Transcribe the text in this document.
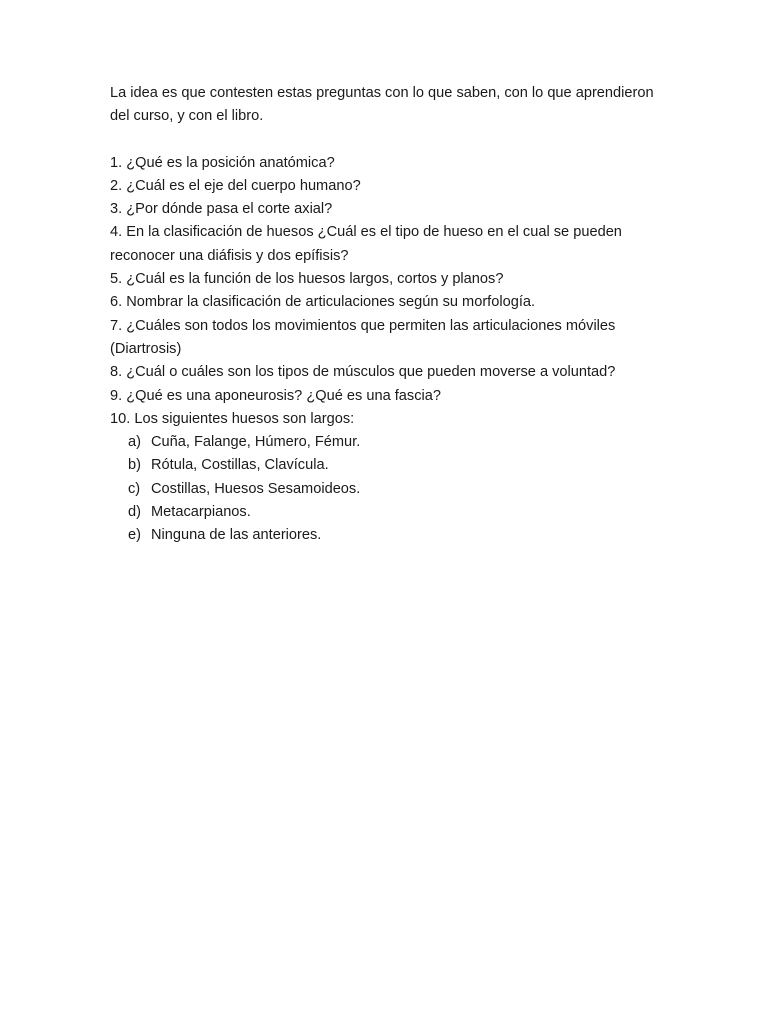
La idea es que contesten estas preguntas con lo que saben, con lo que aprendieron
del curso, y con el libro.
1. ¿Qué es la posición anatómica?
2. ¿Cuál es el eje del cuerpo humano?
3. ¿Por dónde pasa el corte axial?
4. En la clasificación de huesos ¿Cuál es el tipo de hueso en el cual se pueden
reconocer una diáfisis y dos epífisis?
5. ¿Cuál es la función de los huesos largos, cortos y planos?
6. Nombrar la clasificación de articulaciones según su morfología.
7. ¿Cuáles son todos los movimientos que permiten las articulaciones móviles
(Diartrosis)
8. ¿Cuál o cuáles son los tipos de músculos que pueden moverse a voluntad?
9. ¿Qué es una aponeurosis? ¿Qué es una fascia?
10. Los siguientes huesos son largos:
a) Cuña, Falange, Húmero, Fémur.
b) Rótula, Costillas, Clavícula.
c) Costillas, Huesos Sesamoideos.
d) Metacarpianos.
e) Ninguna de las anteriores.
